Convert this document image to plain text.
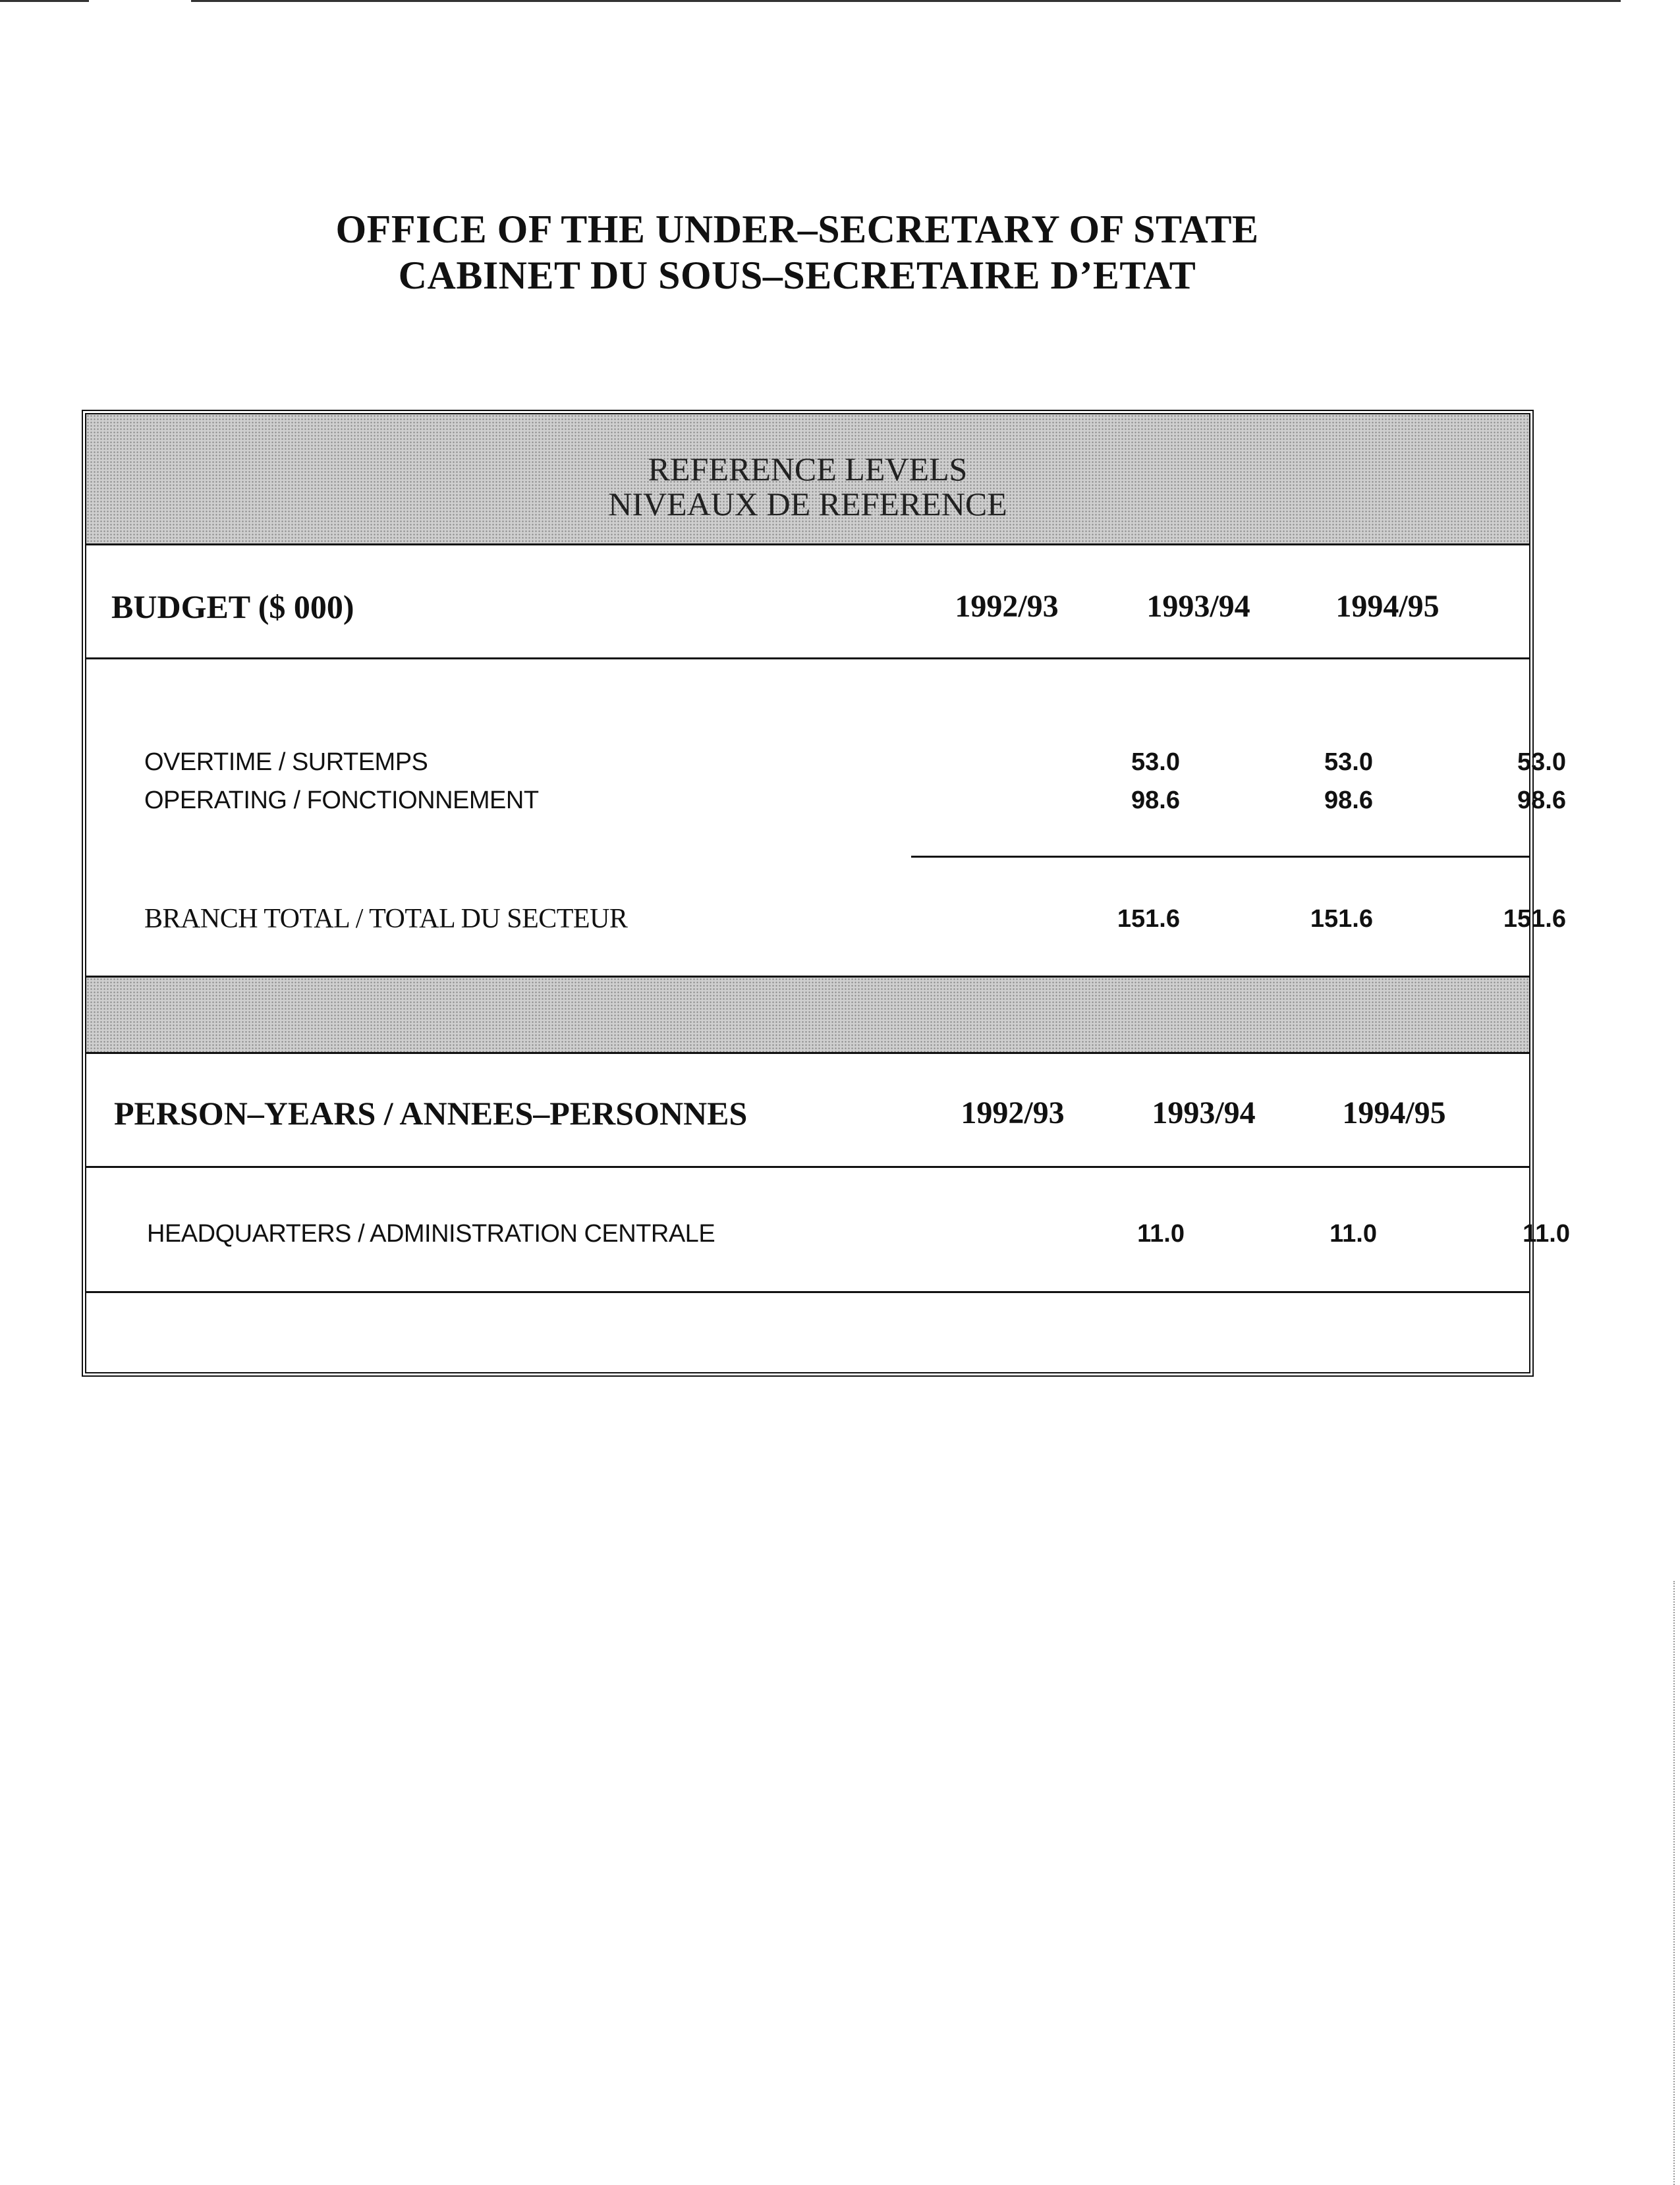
OFFICE OF THE UNDER–SECRETARY OF STATE
CABINET DU SOUS–SECRETAIRE D’ETAT
REFERENCE LEVELS
NIVEAUX DE REFERENCE
BUDGET ($ 000)	1992/93	1993/94	1994/95
OVERTIME / SURTEMPS	53.0	53.0	53.0
OPERATING / FONCTIONNEMENT	98.6	98.6	98.6
BRANCH TOTAL / TOTAL DU SECTEUR	151.6	151.6	151.6
PERSON–YEARS / ANNEES–PERSONNES	1992/93	1993/94	1994/95
HEADQUARTERS / ADMINISTRATION CENTRALE	11.0	11.0	11.0
